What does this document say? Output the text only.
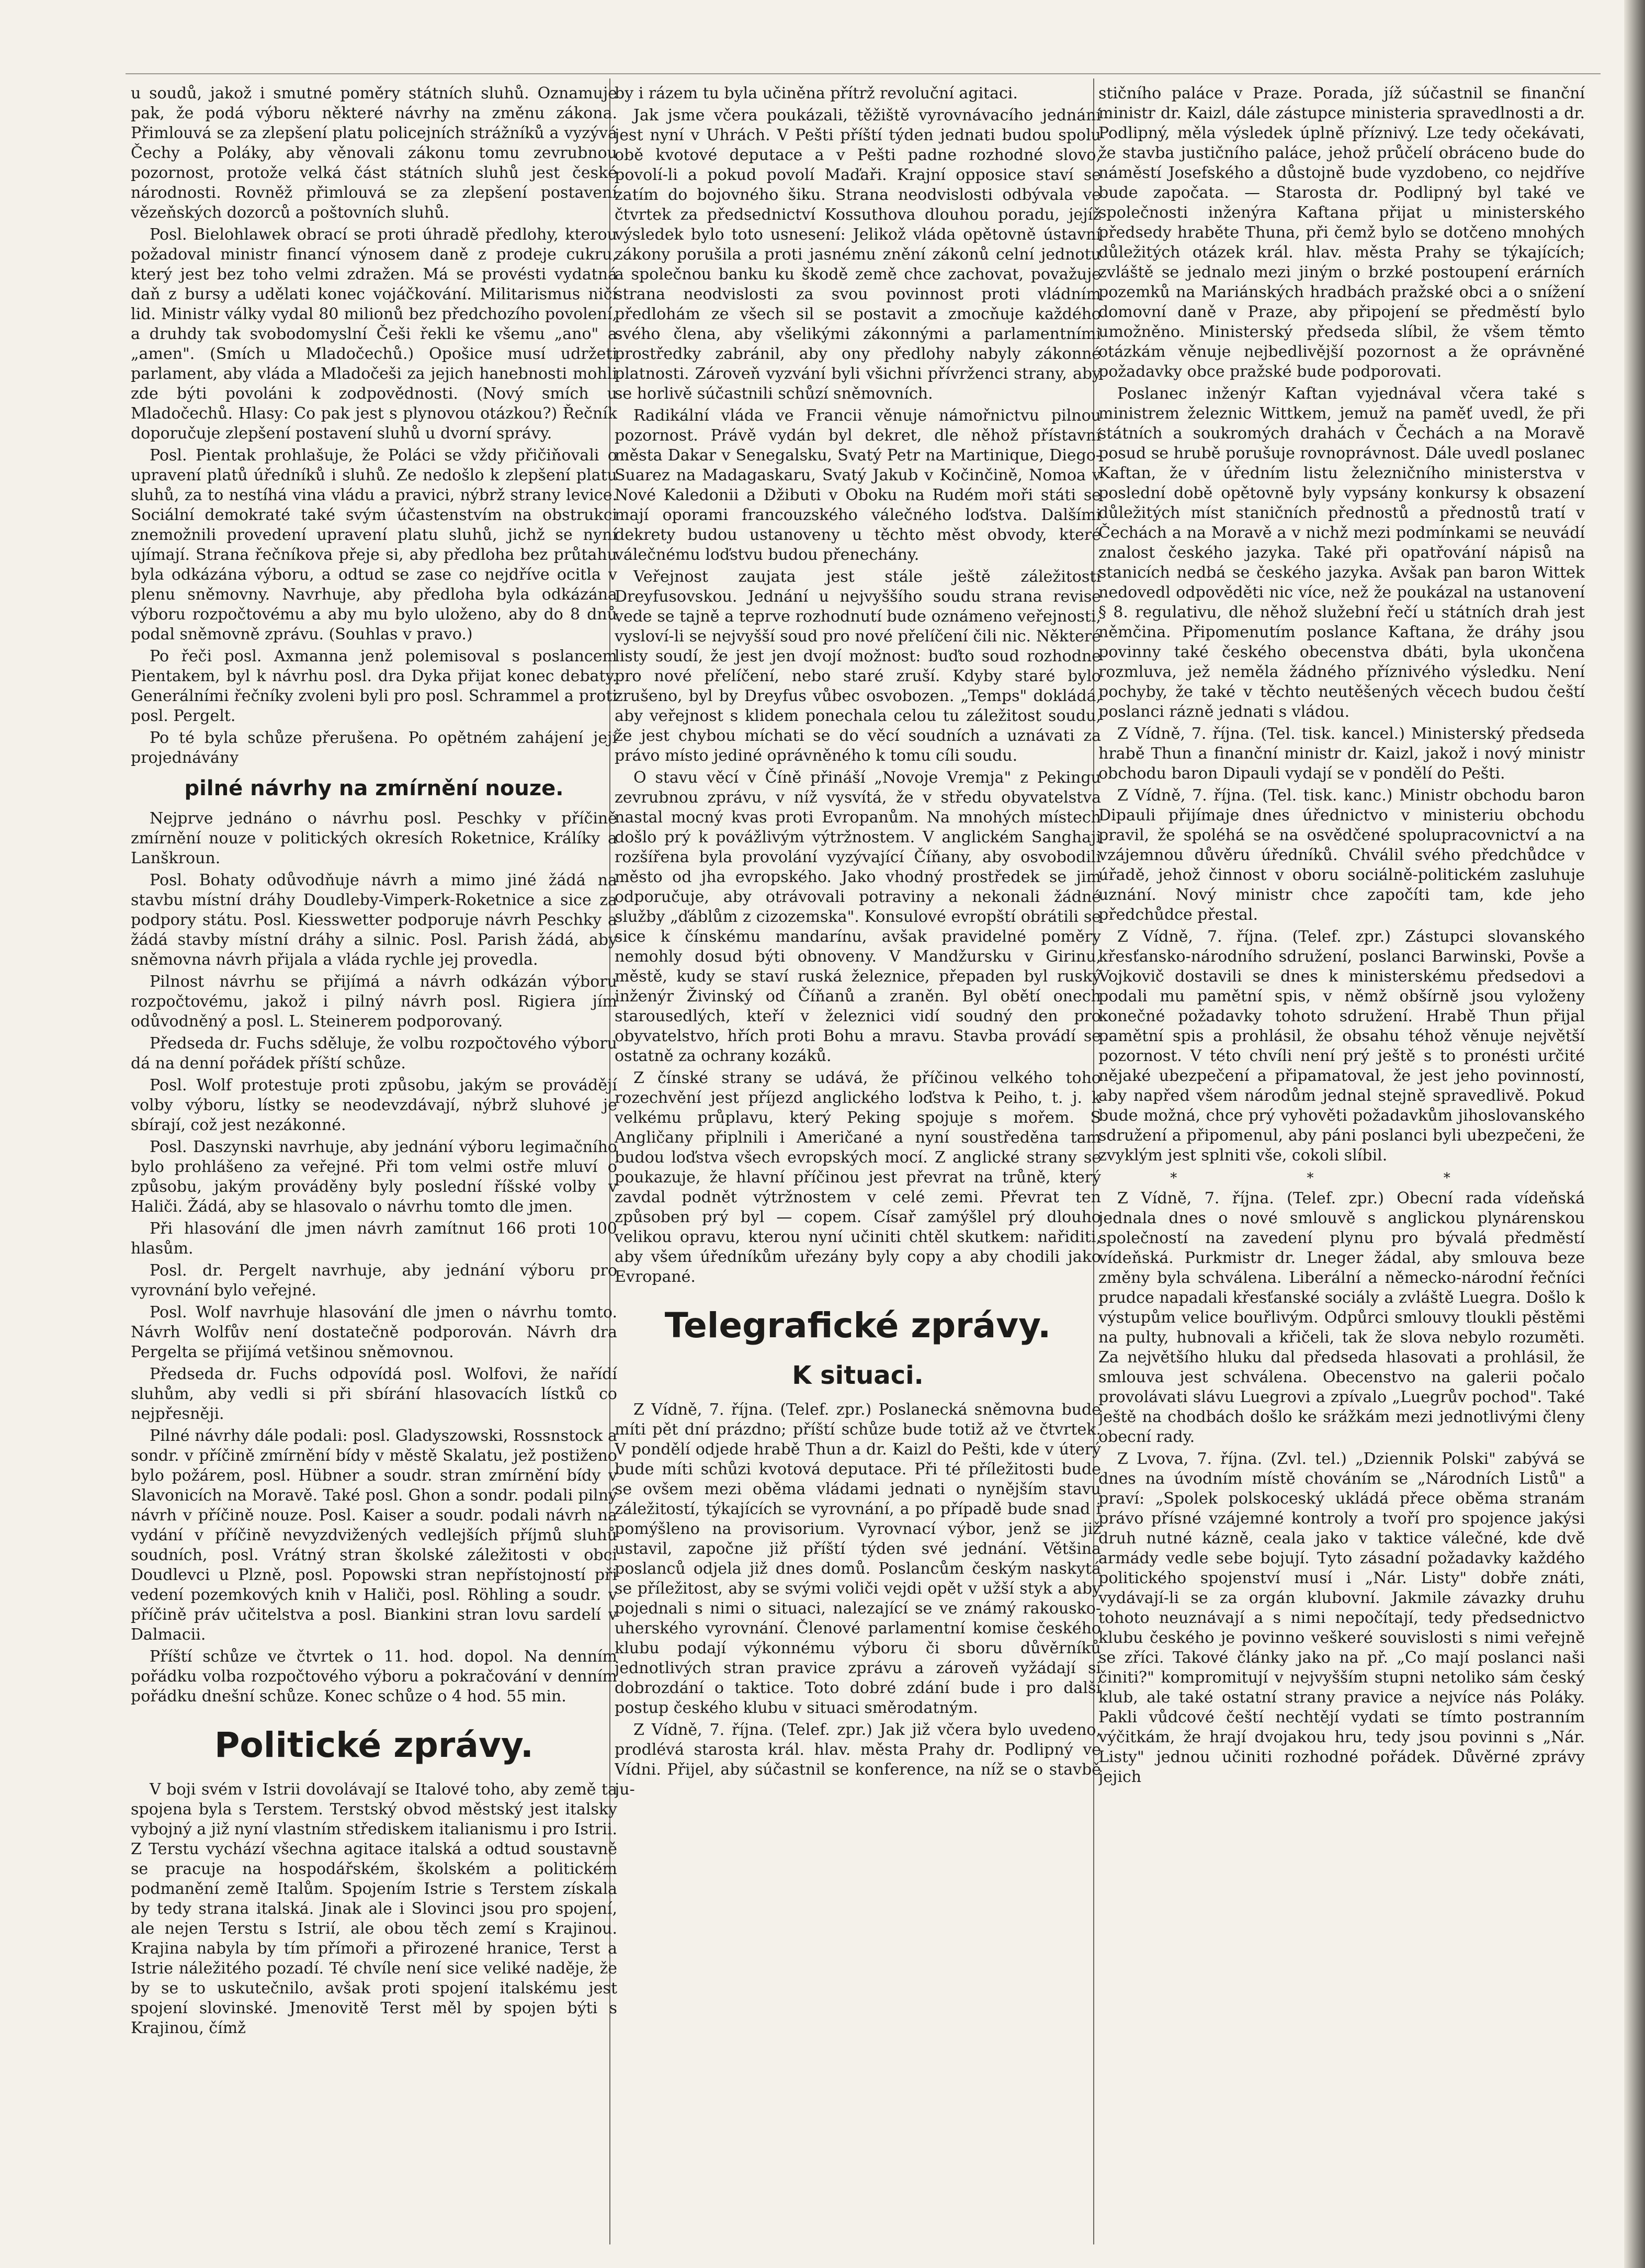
u soudů, jakož i smutné poměry státních sluhů. Oznamuje pak, že podá výboru některé návrhy na změnu zákona. Přimlouvá se za zlepšení platu policejních strážníků a vyzývá Čechy a Poláky, aby věnovali zákonu tomu zevrubnou pozornost, protože velká část státních sluhů jest české národnosti. Rovněž přimlouvá se za zlepšení postavení vězeňských dozorců a poštovních sluhů.

Posl. Bielohlawek obrací se proti úhradě předlohy, kterou požadoval ministr financí výnosem daně z prodeje cukru, který jest bez toho velmi zdražen. Má se provésti vydatná daň z bursy a udělati konec vojáčkování. Militarismus ničí lid. Ministr války vydal 80 milionů bez předchozího povolení, a druhdy tak svobodomyslní Češi řekli ke všemu „ano" a „amen". (Smích u Mladočechů.) Opošice musí udržeti parlament, aby vláda a Mladočeši za jejich hanebnosti mohli zde býti povoláni k zodpovědnosti. (Nový smích u Mladočechů. Hlasy: Co pak jest s plynovou otázkou?) Řečník doporučuje zlepšení postavení sluhů u dvorní správy.

Posl. Pientak prohlašuje, že Poláci se vždy přičiňovali o upravení platů úředníků i sluhů. Ze nedošlo k zlepšení platu sluhů, za to nestíhá vina vládu a pravici, nýbrž strany levice. Sociální demokraté také svým účastenstvím na obstrukci znemožnili provedení upravení platu sluhů, jichž se nyní ujímají. Strana řečníkova přeje si, aby předloha bez průtahu byla odkázána výboru, a odtud se zase co nejdříve ocitla v plenu sněmovny. Navrhuje, aby předloha byla odkázána výboru rozpočtovému a aby mu bylo uloženo, aby do 8 dnů podal sněmovně zprávu. (Souhlas v pravo.)

Po řeči posl. Axmanna jenž polemisoval s poslancem Pientakem, byl k návrhu posl. dra Dyka přijat konec debaty. Generálními řečníky zvoleni byli pro posl. Schrammel a proti posl. Pergelt.

Po té byla schůze přerušena. Po opětném zahájení její projednávány

pilné návrhy na zmírnění nouze.

Nejprve jednáno o návrhu posl. Peschky v příčině zmírnění nouze v politických okresích Roketnice, Králíky a Lanškroun.

Posl. Bohaty odůvodňuje návrh a mimo jiné žádá na stavbu místní dráhy Doudleby-Vimperk-Roketnice a sice za podpory státu. Posl. Kiesswetter podporuje návrh Peschky a žádá stavby místní dráhy a silnic. Posl. Parish žádá, aby sněmovna návrh přijala a vláda rychle jej provedla.

Pilnost návrhu se přijímá a návrh odkázán výboru rozpočtovému, jakož i pilný návrh posl. Rigiera jím odůvodněný a posl. L. Steinerem podporovaný.

Předseda dr. Fuchs sděluje, že volbu rozpočtového výboru dá na denní pořádek příští schůze.

Posl. Wolf protestuje proti způsobu, jakým se provádějí volby výboru, lístky se neodevzdávají, nýbrž sluhové je sbírají, což jest nezákonné.

Posl. Daszynski navrhuje, aby jednání výboru legimačního bylo prohlášeno za veřejné. Při tom velmi ostře mluví o způsobu, jakým prováděny byly poslední říšské volby v Haliči. Žádá, aby se hlasovalo o návrhu tomto dle jmen.

Při hlasování dle jmen návrh zamítnut 166 proti 100 hlasům.

Posl. dr. Pergelt navrhuje, aby jednání výboru pro vyrovnání bylo veřejné.

Posl. Wolf navrhuje hlasování dle jmen o návrhu tomto. Návrh Wolfův není dostatečně podporován. Návrh dra Pergelta se přijímá vetšinou sněmovnou.

Předseda dr. Fuchs odpovídá posl. Wolfovi, že nařídí sluhům, aby vedli si při sbírání hlasovacích lístků co nejpřesněji.

Pilné návrhy dále podali: posl. Gladyszowski, Rossnstock a sondr. v příčině zmírnění bídy v městě Skalatu, jež postiženo bylo požárem, posl. Hübner a soudr. stran zmírnění bídy v Slavonicích na Moravě. Také posl. Ghon a sondr. podali pilný návrh v příčině nouze. Posl. Kaiser a soudr. podali návrh na vydání v příčině nevyzdvižených vedlejších příjmů sluhů soudních, posl. Vrátný stran školské záležitosti v obci Doudlevci u Plzně, posl. Popowski stran nepřístojností při vedení pozemkových knih v Haliči, posl. Röhling a soudr. v příčině práv učitelstva a posl. Biankini stran lovu sardelí v Dalmacii.

Příští schůze ve čtvrtek o 11. hod. dopol. Na denním pořádku volba rozpočtového výboru a pokračování v denním pořádku dnešní schůze. Konec schůze o 4 hod. 55 min.

Politické zprávy.

V boji svém v Istrii dovolávají se Italové toho, aby země ta spojena byla s Terstem. Terstský obvod městský jest italsky vybojný a již nyní vlastním střediskem italianismu i pro Istrii. Z Terstu vychází všechna agitace italská a odtud soustavně se pracuje na hospodářském, školském a politickém podmanění země Italům. Spojením Istrie s Terstem získala by tedy strana italská. Jinak ale i Slovinci jsou pro spojení, ale nejen Terstu s Istrií, ale obou těch zemí s Krajinou. Krajina nabyla by tím přímoři a přirozené hranice, Terst a Istrie náležitého pozadí. Té chvíle není sice veliké naděje, že by se to uskutečnilo, avšak proti spojení italskému jest spojení slovinské. Jmenovitě Terst měl by spojen býti s Krajinou, čímž

by i rázem tu byla učiněna přítrž revoluční agitaci.

Jak jsme včera poukázali, těžiště vyrovnávacího jednání jest nyní v Uhrách. V Pešti příští týden jednati budou spolu obě kvotové deputace a v Pešti padne rozhodné slovo, povolí-li a pokud povolí Maďaři. Krajní opposice staví se zatím do bojovného šiku. Strana neodvislosti odbývala ve čtvrtek za předsednictví Kossuthova dlouhou poradu, jejíž výsledek bylo toto usnesení: Jelikož vláda opětovně ústavní zákony porušila a proti jasnému znění zákonů celní jednotu a společnou banku ku škodě země chce zachovat, považuje strana neodvislosti za svou povinnost proti vládním předlohám ze všech sil se postavit a zmocňuje každého svého člena, aby všelikými zákonnými a parlamentními prostředky zabránil, aby ony předlohy nabyly zákonné platnosti. Zároveň vyzvání byli všichni přívrženci strany, aby se horlivě súčastnili schůzí sněmovních.

Radikální vláda ve Francii věnuje námořnictvu pilnou pozornost. Právě vydán byl dekret, dle něhož přístavní města Dakar v Senegalsku, Svatý Petr na Martinique, Diego-Suarez na Madagaskaru, Svatý Jakub v Kočinčině, Nomoa v Nové Kaledonii a Džibuti v Oboku na Rudém moři státi se mají oporami francouzského válečného loďstva. Dalšími dekrety budou ustanoveny u těchto měst obvody, které válečnému loďstvu budou přenechány.

Veřejnost zaujata jest stále ještě záležitostí Dreyfusovskou. Jednání u nejvyššího soudu strana revise vede se tajně a teprve rozhodnutí bude oznámeno veřejnosti, vysloví-li se nejvyšší soud pro nové přelíčení čili nic. Některé listy soudí, že jest jen dvojí možnost: buďto soud rozhodne pro nové přelíčení, nebo staré zruší. Kdyby staré bylo zrušeno, byl by Dreyfus vůbec osvobozen. „Temps" dokládá, aby veřejnost s klidem ponechala celou tu záležitost soudu, že jest chybou míchati se do věcí soudních a uznávati za právo místo jediné oprávněného k tomu cíli soudu.

O stavu věcí v Číně přináší „Novoje Vremja" z Pekingu zevrubnou zprávu, v níž vysvítá, že v středu obyvatelstva nastal mocný kvas proti Evropanům. Na mnohých místech došlo prý k povážlivým výtržnostem. V anglickém Sanghaji rozšířena byla provolání vyzývající Číňany, aby osvobodili město od jha evropského. Jako vhodný prostředek se jim odporučuje, aby otrávovali potraviny a nekonali žádné služby „ďáblům z cizozemska". Konsulové evropští obrátili se sice k čínskému mandarínu, avšak pravidelné poměry nemohly dosud býti obnoveny. V Mandžursku v Girinu, městě, kudy se staví ruská železnice, přepaden byl ruský inženýr Živinský od Číňanů a zraněn. Byl obětí onech starousedlých, kteří v železnici vidí soudný den pro obyvatelstvo, hřích proti Bohu a mravu. Stavba provádí se ostatně za ochrany kozáků.

Z čínské strany se udává, že příčinou velkého toho rozechvění jest příjezd anglického loďstva k Peiho, t. j. k velkému průplavu, který Peking spojuje s mořem. S Angličany připlnili i Američané a nyní soustředěna tam budou loďstva všech evropských mocí. Z anglické strany se poukazuje, že hlavní příčinou jest převrat na trůně, který zavdal podnět výtržnostem v celé zemi. Převrat ten způsoben prý byl — copem. Císař zamýšlel prý dlouho velikou opravu, kterou nyní učiniti chtěl skutkem: nařiditi, aby všem úředníkům uřezány byly copy a aby chodili jako Evropané.

Telegrafické zprávy.
K situaci.

Z Vídně, 7. října. (Telef. zpr.) Poslanecká sněmovna bude míti pět dní prázdno; příští schůze bude totiž až ve čtvrtek. V pondělí odjede hrabě Thun a dr. Kaizl do Pešti, kde v úterý bude míti schůzi kvotová deputace. Při té příležitosti bude se ovšem mezi oběma vládami jednati o nynějším stavu záležitostí, týkajících se vyrovnání, a po případě bude snad i pomýšleno na provisorium. Vyrovnací výbor, jenž se již ustavil, započne již příští týden své jednání. Většina poslanců odjela již dnes domů. Poslancům českým naskytá se příležitost, aby se svými voliči vejdi opět v užší styk a aby pojednali s nimi o situaci, nalezající se ve známý rakousko-uherského vyrovnání. Členové parlamentní komise českého klubu podají výkonnému výboru či sboru důvěrníků jednotlivých stran pravice zprávu a zároveň vyžádají si dobrozdání o taktice. Toto dobré zdání bude i pro další postup českého klubu v situaci směrodatným.

Z Vídně, 7. října. (Telef. zpr.) Jak již včera bylo uvedeno, prodlévá starosta král. hlav. města Prahy dr. Podlipný ve Vídni. Přijel, aby súčastnil se konference, na níž se o stavbě ju-

stičního paláce v Praze. Porada, jíž súčastnil se finanční ministr dr. Kaizl, dále zástupce ministeria spravedlnosti a dr. Podlipný, měla výsledek úplně příznivý. Lze tedy očekávati, že stavba justičního paláce, jehož průčelí obráceno bude do náměstí Josefského a důstojně bude vyzdobeno, co nejdříve bude započata. — Starosta dr. Podlipný byl také ve společnosti inženýra Kaftana přijat u ministerského předsedy hraběte Thuna, při čemž bylo se dotčeno mnohých důležitých otázek král. hlav. města Prahy se týkajících; zvláště se jednalo mezi jiným o brzké postoupení erárních pozemků na Mariánských hradbách pražské obci a o snížení domovní daně v Praze, aby připojení se předměstí bylo umožněno. Ministerský předseda slíbil, že všem těmto otázkám věnuje nejbedlivější pozornost a že oprávněné požadavky obce pražské bude podporovati.

Poslanec inženýr Kaftan vyjednával včera také s ministrem železnic Wittkem, jemuž na paměť uvedl, že při státních a soukromých drahách v Čechách a na Moravě posud se hrubě porušuje rovnoprávnost. Dále uvedl poslanec Kaftan, že v úředním listu železničního ministerstva v poslední době opětovně byly vypsány konkursy k obsazení důležitých míst staničních přednostů a přednostů tratí v Čechách a na Moravě a v nichž mezi podmínkami se neuvádí znalost českého jazyka. Také při opatřování nápisů na stanicích nedbá se českého jazyka. Avšak pan baron Wittek nedovedl odpověděti nic více, než že poukázal na ustanovení § 8. regulativu, dle něhož služební řečí u státních drah jest němčina. Připomenutím poslance Kaftana, že dráhy jsou povinny také českého obecenstva dbáti, byla ukončena rozmluva, jež neměla žádného příznivého výsledku. Není pochyby, že také v těchto neutěšených věcech budou čeští poslanci rázně jednati s vládou.

Z Vídně, 7. října. (Tel. tisk. kancel.) Ministerský předseda hrabě Thun a finanční ministr dr. Kaizl, jakož i nový ministr obchodu baron Dipauli vydají se v pondělí do Pešti.

Z Vídně, 7. října. (Tel. tisk. kanc.) Ministr obchodu baron Dipauli přijímaje dnes úřednictvo v ministeriu obchodu pravil, že spoléhá se na osvědčené spolupracovnictví a na vzájemnou důvěru úředníků. Chválil svého předchůdce v úřadě, jehož činnost v oboru sociálně-politickém zasluhuje uznání. Nový ministr chce započíti tam, kde jeho předchůdce přestal.

Z Vídně, 7. října. (Telef. zpr.) Zástupci slovanského křesťansko-národního sdružení, poslanci Barwinski, Povše a Vojkovič dostavili se dnes k ministerskému předsedovi a podali mu pamětní spis, v němž obšírně jsou vyloženy konečné požadavky tohoto sdružení. Hrabě Thun přijal pamětní spis a prohlásil, že obsahu téhož věnuje největší pozornost. V této chvíli není prý ještě s to pronésti určité nějaké ubezpečení a připamatoval, že jest jeho povinností, aby napřed všem národům jednal stejně spravedlivě. Pokud bude možná, chce prý vyhověti požadavkům jihoslovanského sdružení a připomenul, aby páni poslanci byli ubezpečeni, že zvyklým jest splniti vše, cokoli slíbil.

* * *

Z Vídně, 7. října. (Telef. zpr.) Obecní rada vídeňská jednala dnes o nové smlouvě s anglickou plynárenskou společností na zavedení plynu pro bývalá předměstí vídeňská. Purkmistr dr. Lneger žádal, aby smlouva beze změny byla schválena. Liberální a německo-národní řečníci prudce napadali křesťanské sociály a zvláště Luegra. Došlo k výstupům velice bouřlivým. Odpůrci smlouvy tloukli pěstěmi na pulty, hubnovali a křičeli, tak že slova nebylo rozuměti. Za největšího hluku dal předseda hlasovati a prohlásil, že smlouva jest schválena. Obecenstvo na galerii počalo provolávati slávu Luegrovi a zpívalo „Luegrův pochod". Také ještě na chodbách došlo ke srážkám mezi jednotlivými členy obecní rady.

Z Lvova, 7. října. (Zvl. tel.) „Dziennik Polski" zabývá se dnes na úvodním místě chováním se „Národních Listů" a praví: „Spolek polskoceský ukládá přece oběma stranám právo přísné vzájemné kontroly a tvoří pro spojence jakýsi druh nutné kázně, ceala jako v taktice válečné, kde dvě armády vedle sebe bojují. Tyto zásadní požadavky každého politického spojenství musí i „Nár. Listy" dobře znáti, vydávají-li se za orgán klubovní. Jakmile závazky druhu tohoto neuznávají a s nimi nepočítají, tedy předsednictvo klubu českého je povinno veškeré souvislosti s nimi veřejně se zříci. Takové články jako na př. „Co mají poslanci naši činiti?" kompromitují v nejvyšším stupni netoliko sám český klub, ale také ostatní strany pravice a nejvíce nás Poláky. Pakli vůdcové čeští nechtějí vydati se tímto postranním výčitkám, že hrají dvojakou hru, tedy jsou povinni s „Nár. Listy" jednou učiniti rozhodné pořádek. Důvěrné zprávy jejich
